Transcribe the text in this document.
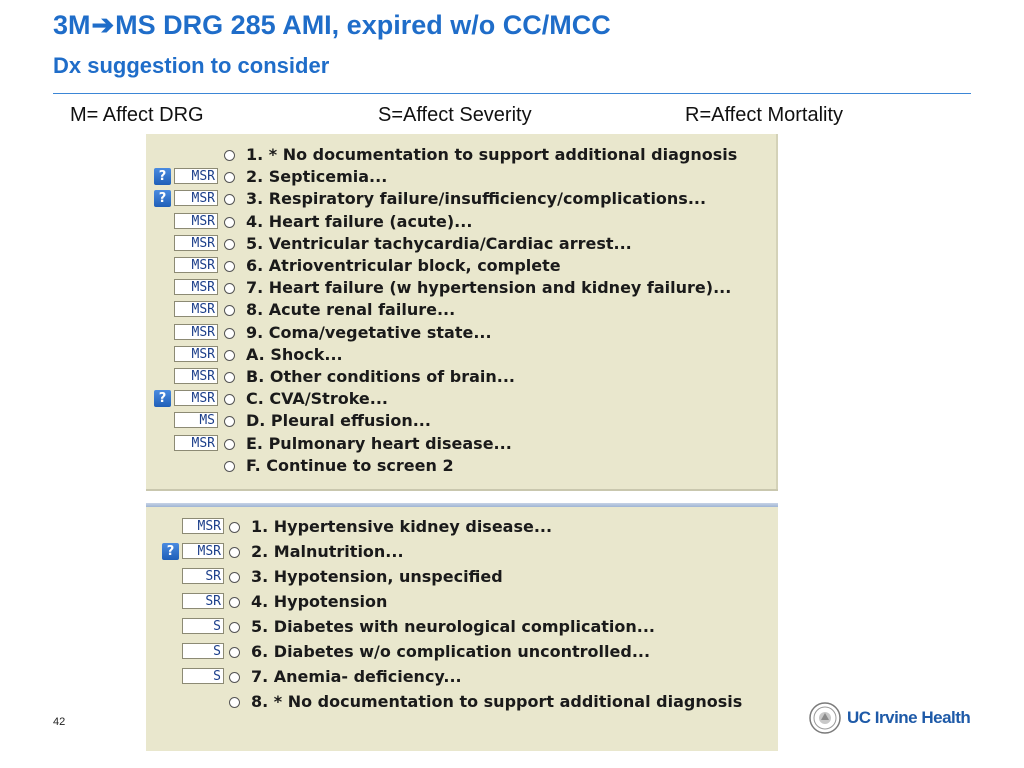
3M➔MS DRG 285 AMI, expired w/o CC/MCC
Dx suggestion to consider
M= Affect DRG	S=Affect Severity	R=Affect Mortality
1. * No documentation to support additional diagnosis
?	MSR 2. Septicemia...
?	MSR 3. Respiratory failure/insufficiency/complications...
MSR 4. Heart failure (acute)...
MSR 5. Ventricular tachycardia/Cardiac arrest...
MSR 6. Atrioventricular block, complete
MSR 7. Heart failure (w hypertension and kidney failure)...
MSR 8. Acute renal failure...
MSR 9. Coma/vegetative state...
MSR A. Shock...
MSR B. Other conditions of brain...
?	MSR C. CVA/Stroke...
MS D. Pleural effusion...
MSR E. Pulmonary heart disease...
F. Continue to screen 2
MSR 1. Hypertensive kidney disease...
?	MSR 2. Malnutrition...
SR 3. Hypotension, unspecified
SR 4. Hypotension
S 5. Diabetes with neurological complication...
S 6. Diabetes w/o complication uncontrolled...
S 7. Anemia- deficiency...
8. * No documentation to support additional diagnosis
42	UC Irvine Health
